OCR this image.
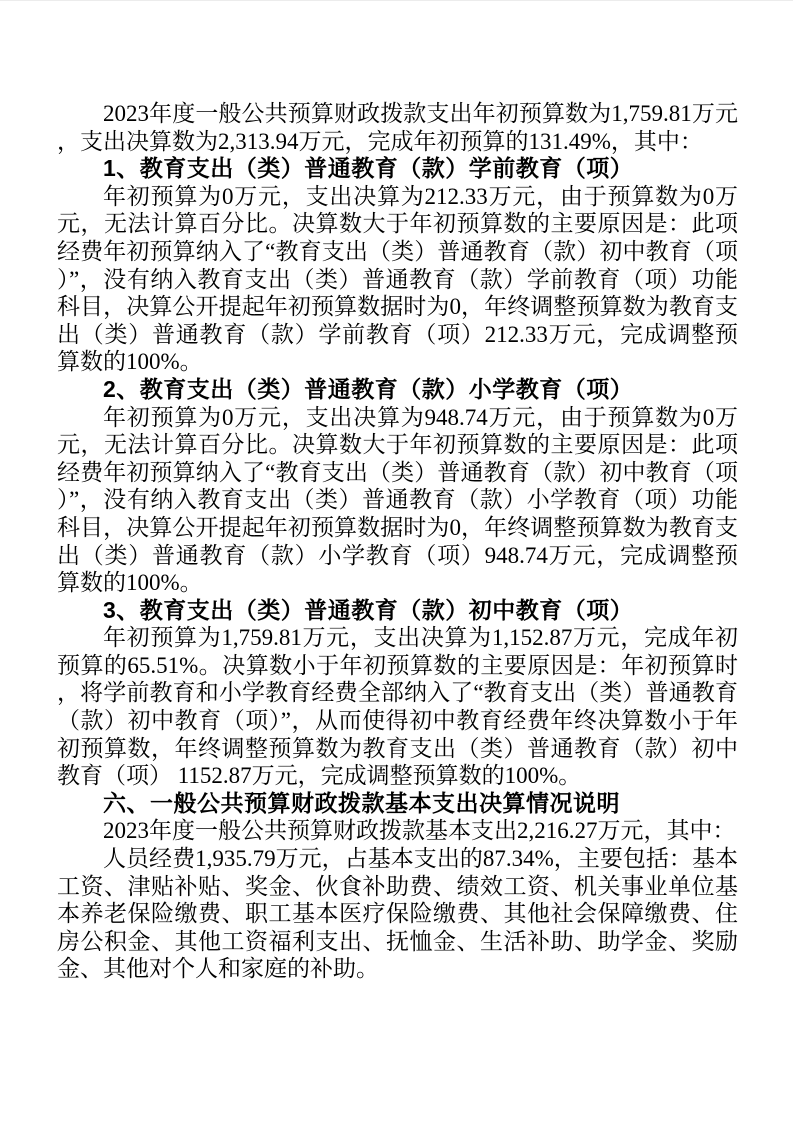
2023年度一般公共预算财政拨款支出年初预算数为1,759.81万元，支出决算数为2,313.94万元，完成年初预算的131.49%，其中：

1、教育支出（类）普通教育（款）学前教育（项）

年初预算为0万元，支出决算为212.33万元，由于预算数为0万元，无法计算百分比。决算数大于年初预算数的主要原因是：此项经费年初预算纳入了“教育支出（类）普通教育（款）初中教育（项）”，没有纳入教育支出（类）普通教育（款）学前教育（项）功能科目，决算公开提起年初预算数据时为0，年终调整预算数为教育支出（类）普通教育（款）学前教育（项）212.33万元，完成调整预算数的100%。

2、教育支出（类）普通教育（款）小学教育（项）

年初预算为0万元，支出决算为948.74万元，由于预算数为0万元，无法计算百分比。决算数大于年初预算数的主要原因是：此项经费年初预算纳入了“教育支出（类）普通教育（款）初中教育（项）”，没有纳入教育支出（类）普通教育（款）小学教育（项）功能科目，决算公开提起年初预算数据时为0，年终调整预算数为教育支出（类）普通教育（款）小学教育（项）948.74万元，完成调整预算数的100%。

3、教育支出（类）普通教育（款）初中教育（项）

年初预算为1,759.81万元，支出决算为1,152.87万元，完成年初预算的65.51%。决算数小于年初预算数的主要原因是：年初预算时，将学前教育和小学教育经费全部纳入了“教育支出（类）普通教育（款）初中教育（项）”，从而使得初中教育经费年终决算数小于年初预算数，年终调整预算数为教育支出（类）普通教育（款）初中教育（项） 1152.87万元，完成调整预算数的100%。

六、一般公共预算财政拨款基本支出决算情况说明

2023年度一般公共预算财政拨款基本支出2,216.27万元，其中：

人员经费1,935.79万元，占基本支出的87.34%，主要包括：基本工资、津贴补贴、奖金、伙食补助费、绩效工资、机关事业单位基本养老保险缴费、职工基本医疗保险缴费、其他社会保障缴费、住房公积金、其他工资福利支出、抚恤金、生活补助、助学金、奖励金、其他对个人和家庭的补助。
